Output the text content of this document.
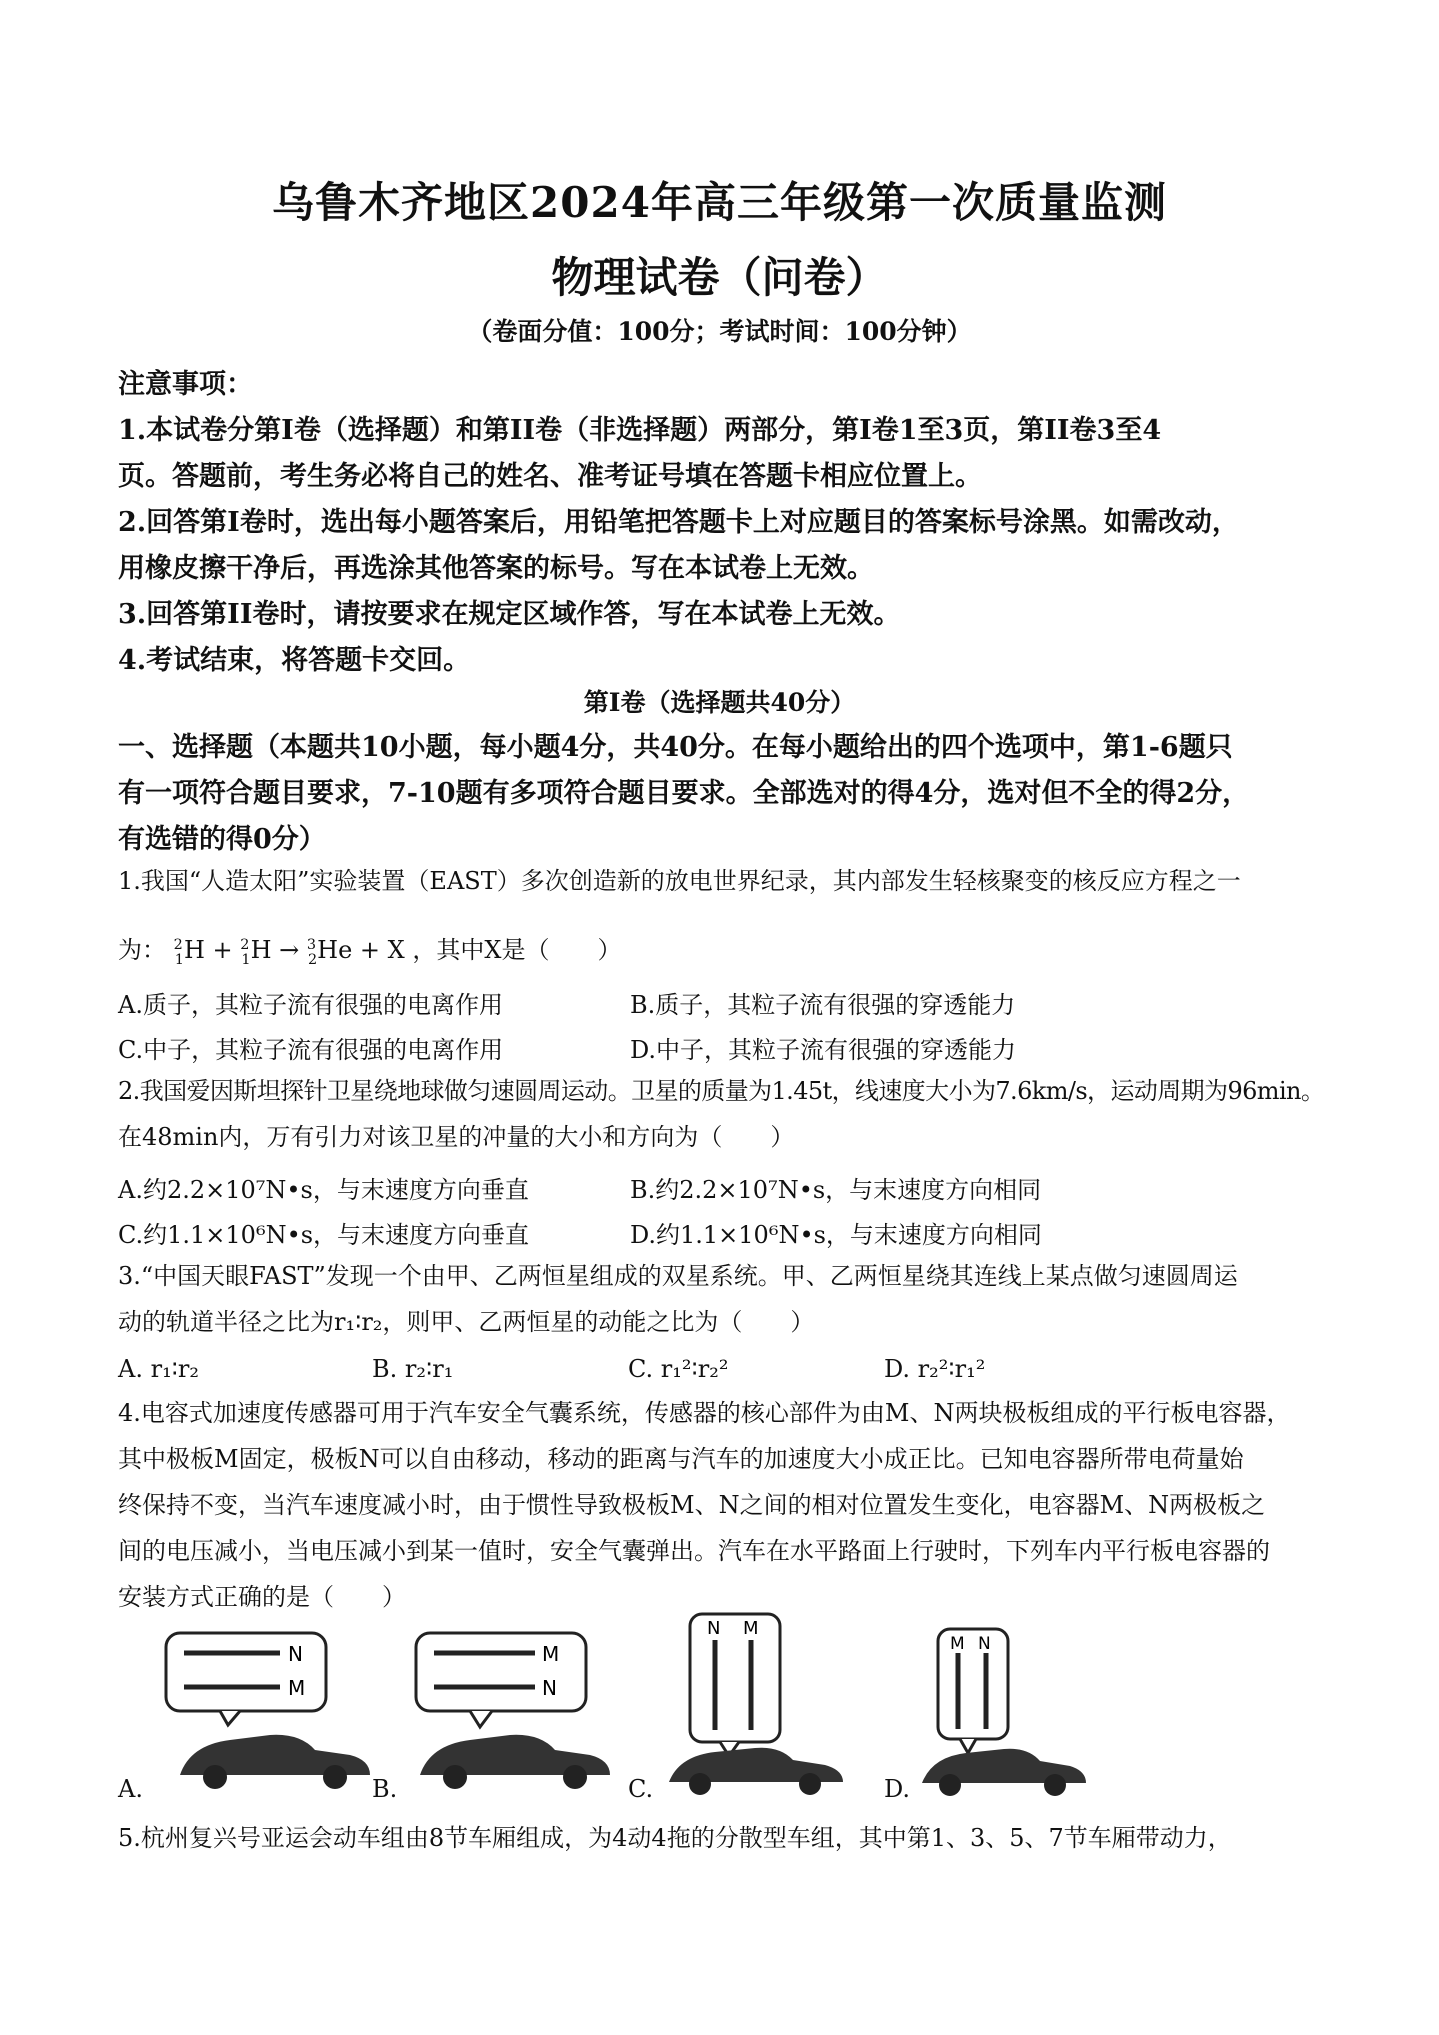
乌鲁木齐地区2024年高三年级第一次质量监测
物理试卷（问卷）
（卷面分值：100分；考试时间：100分钟）
注意事项：
1.本试卷分第I卷（选择题）和第II卷（非选择题）两部分，第I卷1至3页，第II卷3至4
页。答题前，考生务必将自己的姓名、准考证号填在答题卡相应位置上。
2.回答第I卷时，选出每小题答案后，用铅笔把答题卡上对应题目的答案标号涂黑。如需改动，
用橡皮擦干净后，再选涂其他答案的标号。写在本试卷上无效。
3.回答第II卷时，请按要求在规定区域作答，写在本试卷上无效。
4.考试结束，将答题卡交回。
第I卷（选择题共40分）
一、选择题（本题共10小题，每小题4分，共40分。在每小题给出的四个选项中，第1-6题只
有一项符合题目要求，7-10题有多项符合题目要求。全部选对的得4分，选对但不全的得2分，
有选错的得0分）
1.我国“人造太阳”实验装置（EAST）多次创造新的放电世界纪录，其内部发生轻核聚变的核反应方程之一
为： $^2_1$H + $^2_1$H → $^3_2$He + X ，其中X是（　　）
A.质子，其粒子流有很强的电离作用	B.质子，其粒子流有很强的穿透能力
C.中子，其粒子流有很强的电离作用	D.中子，其粒子流有很强的穿透能力
2.我国爱因斯坦探针卫星绕地球做匀速圆周运动。卫星的质量为1.45t，线速度大小为7.6km/s，运动周期为96min。
在48min内，万有引力对该卫星的冲量的大小和方向为（　　）
A.约2.2×10⁷N•s，与末速度方向垂直	B.约2.2×10⁷N•s，与末速度方向相同
C.约1.1×10⁶N•s，与末速度方向垂直	D.约1.1×10⁶N•s，与末速度方向相同
3.“中国天眼FAST”发现一个由甲、乙两恒星组成的双星系统。甲、乙两恒星绕其连线上某点做匀速圆周运
动的轨道半径之比为r₁∶r₂，则甲、乙两恒星的动能之比为（　　）
A. r₁∶r₂	B. r₂∶r₁	C. r₁²∶r₂²	D. r₂²∶r₁²
4.电容式加速度传感器可用于汽车安全气囊系统，传感器的核心部件为由M、N两块极板组成的平行板电容器，
其中极板M固定，极板N可以自由移动，移动的距离与汽车的加速度大小成正比。已知电容器所带电荷量始
终保持不变，当汽车速度减小时，由于惯性导致极板M、N之间的相对位置发生变化，电容器M、N两极板之
间的电压减小，当电压减小到某一值时，安全气囊弹出。汽车在水平路面上行驶时，下列车内平行板电容器的
安装方式正确的是（　　）
N
M
A.
M
N
B.
N M
C.
M N
D.
5.杭州复兴号亚运会动车组由8节车厢组成，为4动4拖的分散型车组，其中第1、3、5、7节车厢带动力，
